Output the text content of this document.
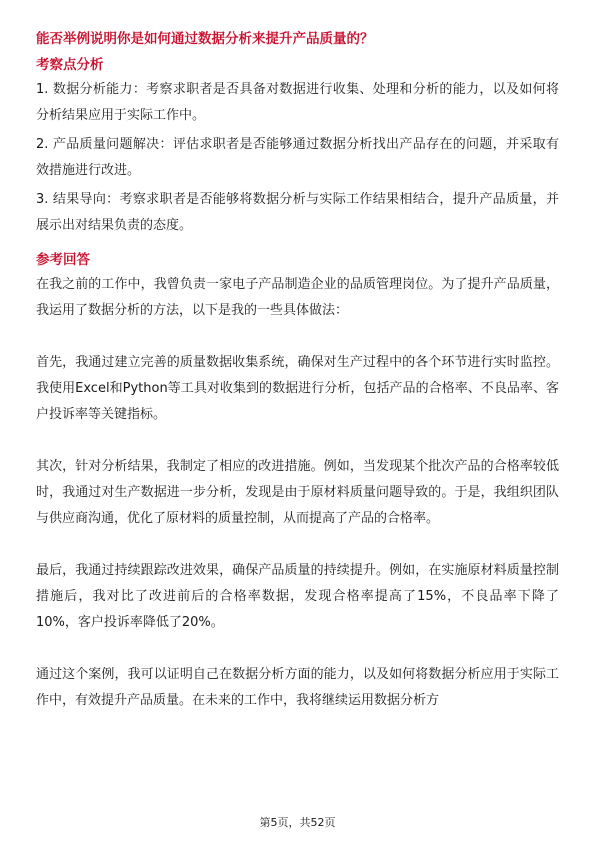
能否举例说明你是如何通过数据分析来提升产品质量的？
考察点分析
1. 数据分析能力：考察求职者是否具备对数据进行收集、处理和分析的能力，以及如何将分析结果应用于实际工作中。
2. 产品质量问题解决：评估求职者是否能够通过数据分析找出产品存在的问题，并采取有效措施进行改进。
3. 结果导向：考察求职者是否能够将数据分析与实际工作结果相结合，提升产品质量，并展示出对结果负责的态度。
参考回答
在我之前的工作中，我曾负责一家电子产品制造企业的品质管理岗位。为了提升产品质量，我运用了数据分析的方法，以下是我的一些具体做法：
首先，我通过建立完善的质量数据收集系统，确保对生产过程中的各个环节进行实时监控。我使用Excel和Python等工具对收集到的数据进行分析，包括产品的合格率、不良品率、客户投诉率等关键指标。
其次，针对分析结果，我制定了相应的改进措施。例如，当发现某个批次产品的合格率较低时，我通过对生产数据进一步分析，发现是由于原材料质量问题导致的。于是，我组织团队与供应商沟通，优化了原材料的质量控制，从而提高了产品的合格率。
最后，我通过持续跟踪改进效果，确保产品质量的持续提升。例如，在实施原材料质量控制措施后，我对比了改进前后的合格率数据，发现合格率提高了15%，不良品率下降了10%，客户投诉率降低了20%。
通过这个案例，我可以证明自己在数据分析方面的能力，以及如何将数据分析应用于实际工作中，有效提升产品质量。在未来的工作中，我将继续运用数据分析方
第5页，共52页
